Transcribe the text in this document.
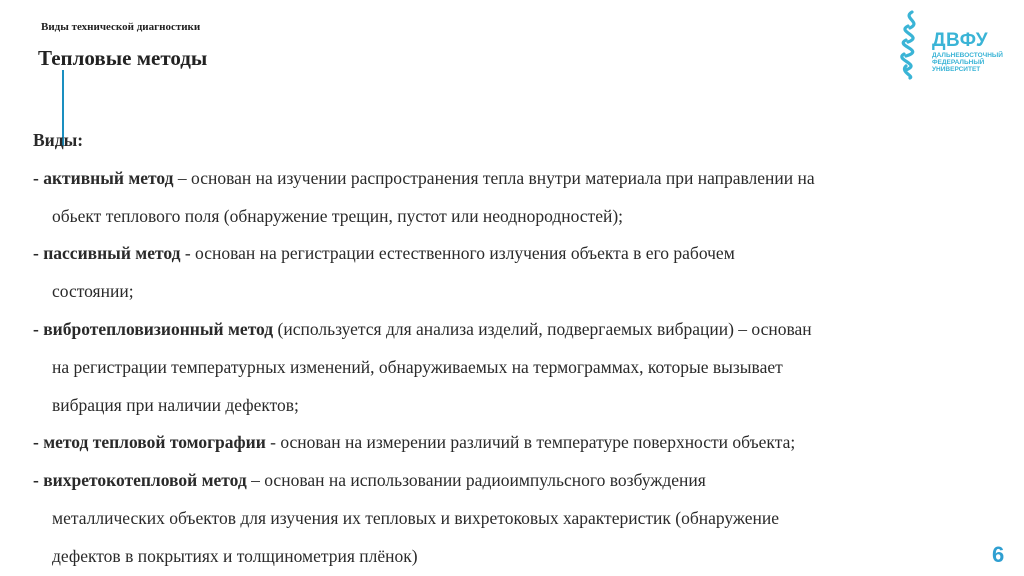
Виды технической диагностики
Тепловые методы
ДВФУ
ДАЛЬНЕВОСТОЧНЫЙ ФЕДЕРАЛЬНЫЙ УНИВЕРСИТЕТ
Виды:
- активный метод – основан на изучении распространения тепла внутри материала при направлении на
обьект теплового поля (обнаружение трещин, пустот или неоднородностей);
- пассивный метод - основан на регистрации естественного излучения объекта в его рабочем
состоянии;
- вибротепловизионный метод (используется для анализа изделий, подвергаемых вибрации) – основан
на регистрации температурных изменений, обнаруживаемых на термограммах, которые вызывает
вибрация при наличии дефектов;
- метод тепловой томографии - основан на измерении различий в температуре поверхности объекта;
- вихретокотепловой метод – основан на использовании радиоимпульсного возбуждения
металлических объектов для изучения их тепловых и вихретоковых характеристик (обнаружение
дефектов в покрытиях и толщинометрия плёнок)	6
